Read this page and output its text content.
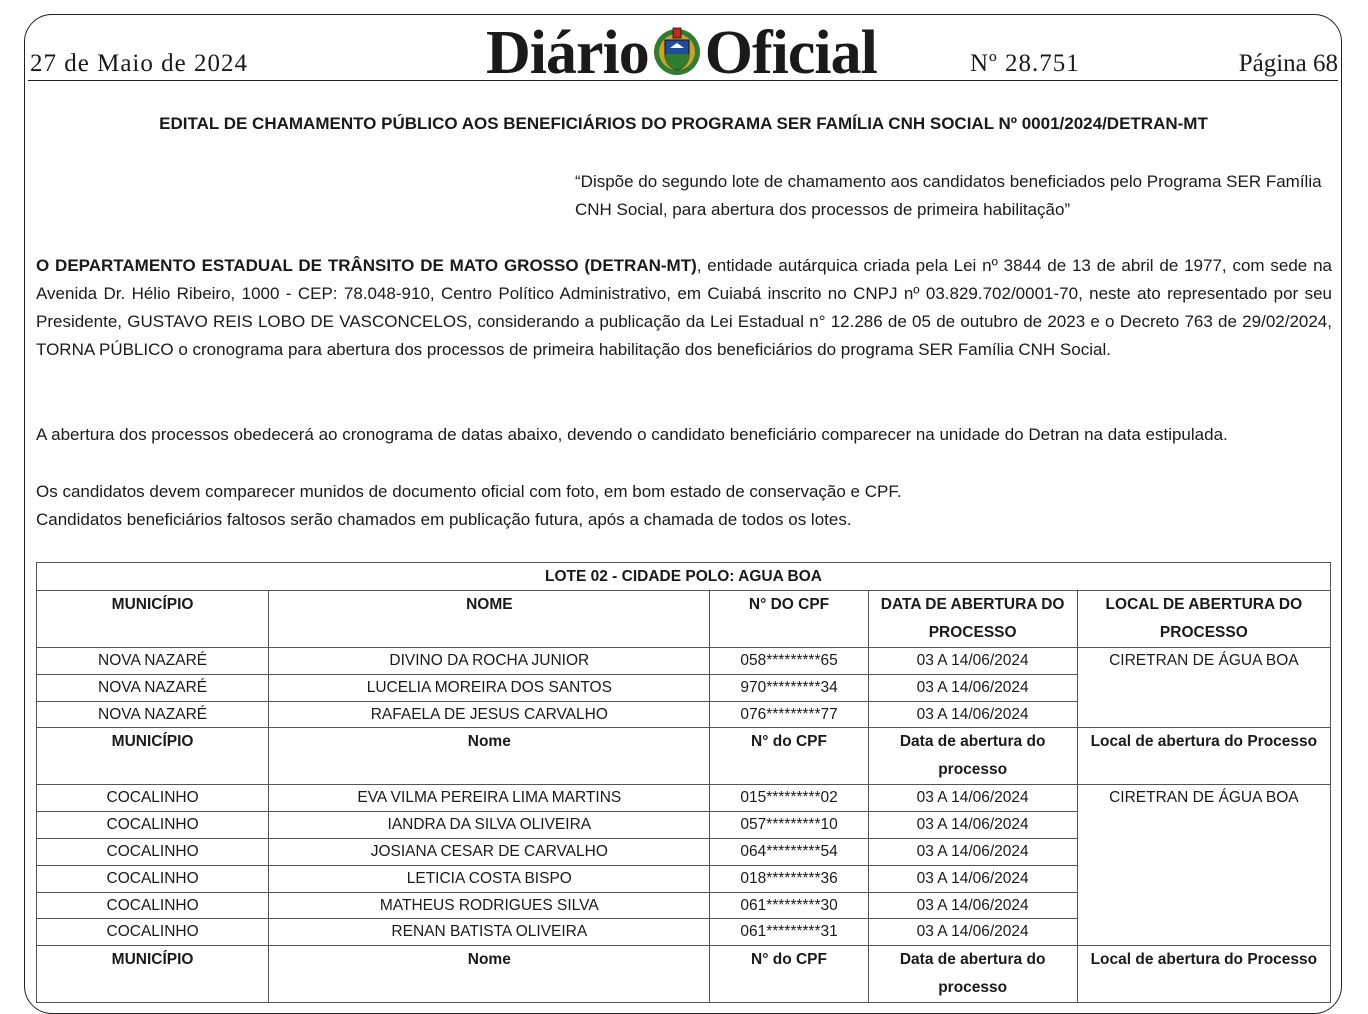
27 de Maio de 2024	Diário Oficial	Nº 28.751	Página 68
EDITAL DE CHAMAMENTO PÚBLICO AOS BENEFICIÁRIOS DO PROGRAMA SER FAMÍLIA CNH SOCIAL Nº 0001/2024/DETRAN-MT
“Dispõe do segundo lote de chamamento aos candidatos beneficiados pelo Programa SER Família CNH Social, para abertura dos processos de primeira habilitação”
O DEPARTAMENTO ESTADUAL DE TRÂNSITO DE MATO GROSSO (DETRAN-MT), entidade autárquica criada pela Lei nº 3844 de 13 de abril de 1977, com sede na Avenida Dr. Hélio Ribeiro, 1000 - CEP: 78.048-910, Centro Político Administrativo, em Cuiabá inscrito no CNPJ nº 03.829.702/0001-70, neste ato representado por seu Presidente, GUSTAVO REIS LOBO DE VASCONCELOS, considerando a publicação da Lei Estadual n° 12.286 de 05 de outubro de 2023 e o Decreto 763 de 29/02/2024, TORNA PÚBLICO o cronograma para abertura dos processos de primeira habilitação dos beneficiários do programa SER Família CNH Social.
A abertura dos processos obedecerá ao cronograma de datas abaixo, devendo o candidato beneficiário comparecer na unidade do Detran na data estipulada.
Os candidatos devem comparecer munidos de documento oficial com foto, em bom estado de conservação e CPF.
Candidatos beneficiários faltosos serão chamados em publicação futura, após a chamada de todos os lotes.
LOTE 02 - CIDADE POLO: AGUA BOA				
MUNICÍPIO	NOME	N° DO CPF	DATA DE ABERTURA DO PROCESSO	LOCAL DE ABERTURA DO PROCESSO
NOVA NAZARÉ	DIVINO DA ROCHA JUNIOR	058*********65	03 A 14/06/2024	CIRETRAN DE ÁGUA BOA
NOVA NAZARÉ	LUCELIA MOREIRA DOS SANTOS	970*********34	03 A 14/06/2024	
NOVA NAZARÉ	RAFAELA DE JESUS CARVALHO	076*********77	03 A 14/06/2024	
MUNICÍPIO	Nome	N° do CPF	Data de abertura do processo	Local de abertura do Processo
COCALINHO	EVA VILMA PEREIRA LIMA MARTINS	015*********02	03 A 14/06/2024	CIRETRAN DE ÁGUA BOA
COCALINHO	IANDRA DA SILVA OLIVEIRA	057*********10	03 A 14/06/2024	
COCALINHO	JOSIANA CESAR DE CARVALHO	064*********54	03 A 14/06/2024	
COCALINHO	LETICIA COSTA BISPO	018*********36	03 A 14/06/2024	
COCALINHO	MATHEUS RODRIGUES SILVA	061*********30	03 A 14/06/2024	
COCALINHO	RENAN BATISTA OLIVEIRA	061*********31	03 A 14/06/2024	
MUNICÍPIO	Nome	N° do CPF	Data de abertura do processo	Local de abertura do Processo
